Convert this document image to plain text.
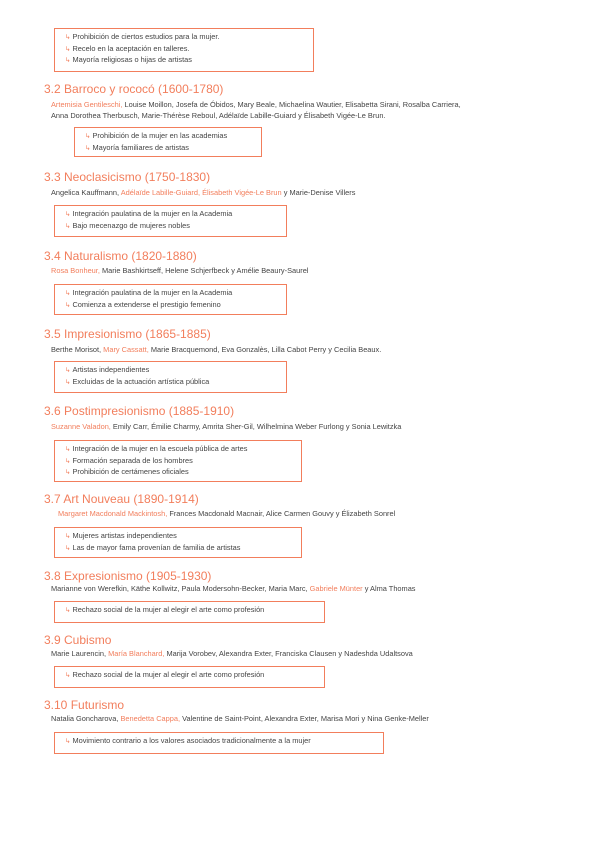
↳ Prohibición de ciertos estudios para la mujer.
↳ Recelo en la aceptación en talleres.
↳ Mayoría religiosas o hijas de artistas
3.2 Barroco y rococó (1600-1780)
Artemisia Gentileschi, Louise Moillon, Josefa de Óbidos, Mary Beale, Michaelina Wautier, Elisabetta Sirani, Rosalba Carriera,
Anna Dorothea Therbusch, Marie-Thérèse Reboul, Adélaïde Labille-Guiard y Élisabeth Vigée-Le Brun.
↳ Prohibición de la mujer en las academias
↳ Mayoría familiares de artistas
3.3 Neoclasicismo (1750-1830)
Angelica Kauffmann, Adélaïde Labille-Guiard, Élisabeth Vigée-Le Brun y Marie-Denise Villers
↳ Integración paulatina de la mujer en la Academia
↳ Bajo mecenazgo de mujeres nobles
3.4 Naturalismo (1820-1880)
Rosa Bonheur, Marie Bashkirtseff, Helene Schjerfbeck y Amélie Beaury-Saurel
↳ Integración paulatina de la mujer en la Academia
↳ Comienza a extenderse el prestigio femenino
3.5 Impresionismo (1865-1885)
Berthe Morisot, Mary Cassatt, Marie Bracquemond, Eva Gonzalès, Lilla Cabot Perry y Cecilia Beaux.
↳ Artistas independientes
↳ Excluidas de la actuación artística pública
3.6 Postimpresionismo (1885-1910)
Suzanne Valadon, Emily Carr, Émilie Charmy, Amrita Sher-Gil, Wilhelmina Weber Furlong y Sonia Lewitzka
↳ Integración de la mujer en la escuela pública de artes
↳ Formación separada de los hombres
↳ Prohibición de certámenes oficiales
3.7 Art Nouveau (1890-1914)
Margaret Macdonald Mackintosh, Frances Macdonald Macnair, Alice Carmen Gouvy y Élizabeth Sonrel
↳ Mujeres artistas independientes
↳ Las de mayor fama provenían de familia de artistas
3.8 Expresionismo (1905-1930)
Marianne von Werefkin, Käthe Kollwitz, Paula Modersohn-Becker, Maria Marc, Gabriele Münter y Alma Thomas
↳ Rechazo social de la mujer al elegir el arte como profesión
3.9 Cubismo
Marie Laurencin, María Blanchard, Marija Vorobev, Alexandra Exter, Franciska Clausen y Nadeshda Udaltsova
↳ Rechazo social de la mujer al elegir el arte como profesión
3.10 Futurismo
Natalia Goncharova, Benedetta Cappa, Valentine de Saint-Point, Alexandra Exter, Marisa Mori y Nina Genke-Meller
↳ Movimiento contrario a los valores asociados tradicionalmente a la mujer
